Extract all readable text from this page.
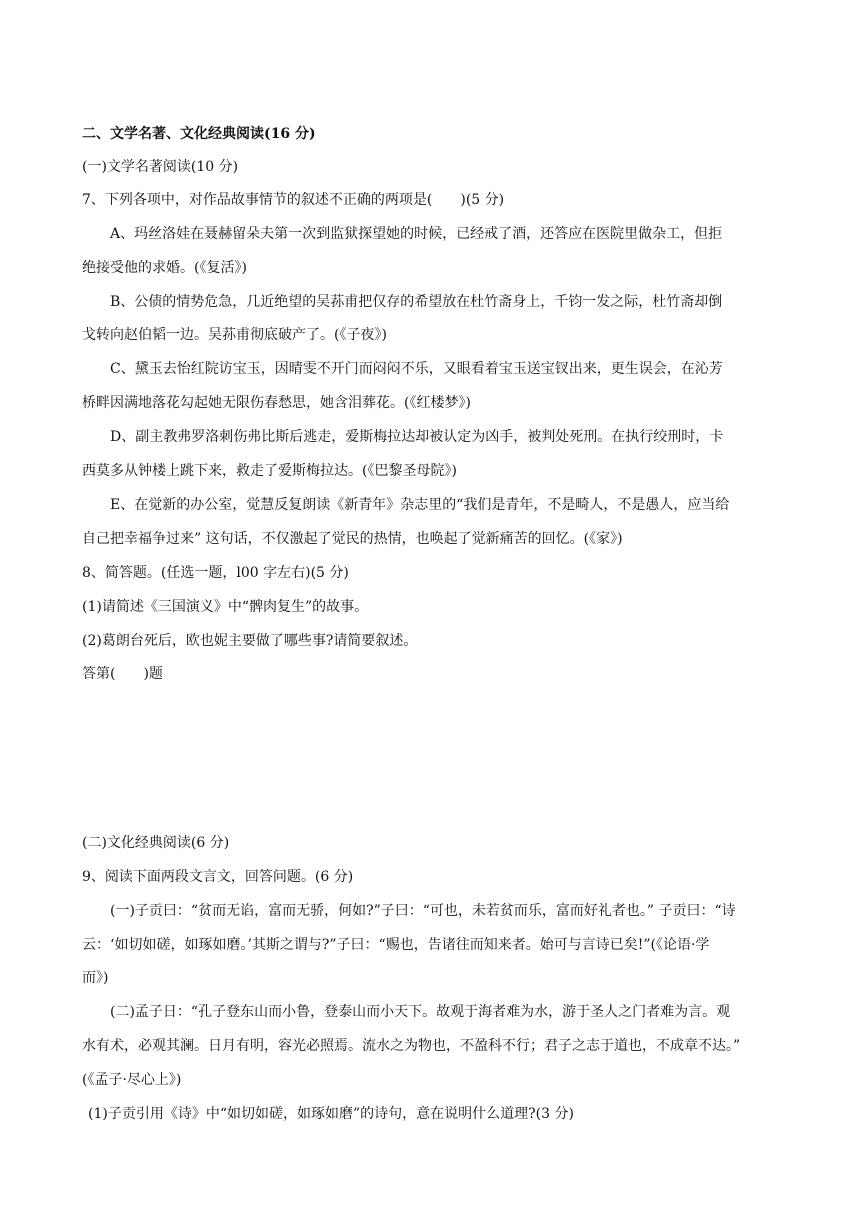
二、文学名著、文化经典阅读(16 分)
(一)文学名著阅读(10 分)
7、下列各项中，对作品故事情节的叙述不正确的两项是(　　)(5 分)
A、玛丝洛娃在聂赫留朵夫第一次到监狱探望她的时候，已经戒了酒，还答应在医院里做杂工，但拒
绝接受他的求婚。(《复活》)
B、公债的情势危急，几近绝望的吴荪甫把仅存的希望放在杜竹斋身上，千钧一发之际，杜竹斋却倒
戈转向赵伯韬一边。吴荪甫彻底破产了。(《子夜》)
C、黛玉去怡红院访宝玉，因晴雯不开门而闷闷不乐，又眼看着宝玉送宝钗出来，更生误会，在沁芳
桥畔因满地落花勾起她无限伤春愁思，她含泪葬花。(《红楼梦》)
D、副主教弗罗洛刺伤弗比斯后逃走，爱斯梅拉达却被认定为凶手，被判处死刑。在执行绞刑时，卡
西莫多从钟楼上跳下来，救走了爱斯梅拉达。(《巴黎圣母院》)
E、在觉新的办公室，觉慧反复朗读《新青年》杂志里的“我们是青年，不是畸人，不是愚人，应当给
自己把幸福争过来” 这句话，不仅激起了觉民的热情，也唤起了觉新痛苦的回忆。(《家》)
8、简答题。(任选一题，l00 字左右)(5 分)
(1)请简述《三国演义》中“髀肉复生”的故事。
(2)葛朗台死后，欧也妮主要做了哪些事?请简要叙述。
答第(　　)题
(二)文化经典阅读(6 分)
9、阅读下面两段文言文，回答问题。(6 分)
(一)子贡曰：“贫而无谄，富而无骄，何如?”子曰：“可也，未若贫而乐，富而好礼者也。” 子贡曰：“诗
云：‘如切如磋，如琢如磨。’其斯之谓与?”子曰：“赐也，告诸往而知来者。始可与言诗已矣!”(《论语·学
而》)
(二)孟子日：“孔子登东山而小鲁，登泰山而小天下。故观于海者难为水，游于圣人之门者难为言。观
水有术，必观其澜。日月有明，容光必照焉。流水之为物也，不盈科不行；君子之志于道也，不成章不达。”
(《孟子·尽心上》)
(1)子贡引用《诗》中“如切如磋，如琢如磨”的诗句，意在说明什么道理?(3 分)
